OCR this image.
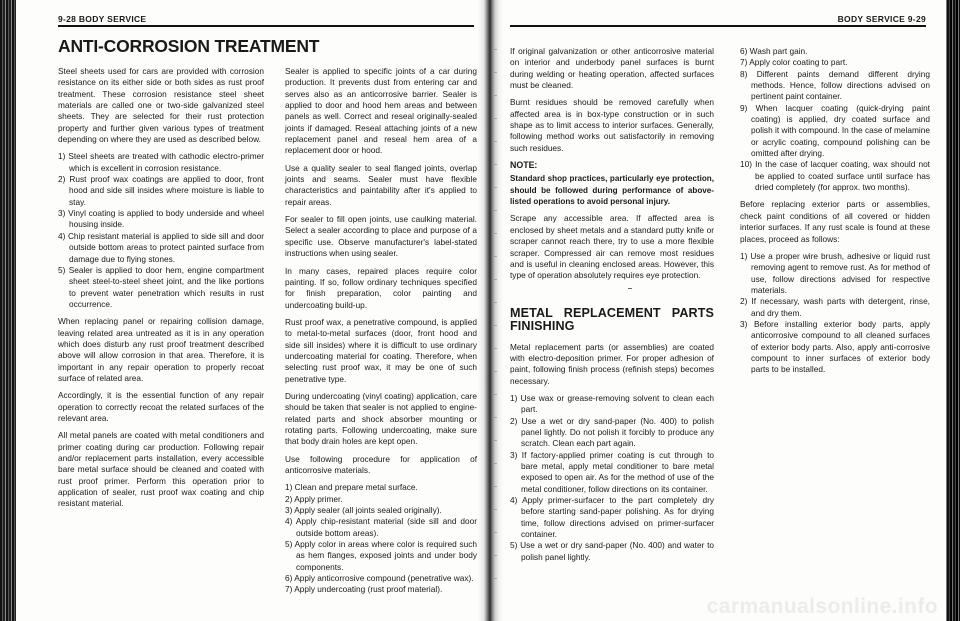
9-28 BODY SERVICE
ANTI-CORROSION TREATMENT

Steel sheets used for cars are provided with corrosion resistance on its either side or both sides as rust proof treatment. These corrosion resistance steel sheet materials are called one or two-side galvanized steel sheets. They are selected for their rust protection property and further given various types of treatment depending on where they are used as described below.

1) Steel sheets are treated with cathodic electro-primer which is excellent in corrosion resistance.
2) Rust proof wax coatings are applied to door, front hood and side sill insides where moisture is liable to stay.
3) Vinyl coating is applied to body underside and wheel housing inside.
4) Chip resistant material is applied to side sill and door outside bottom areas to protect painted surface from damage due to flying stones.
5) Sealer is applied to door hem, engine compartment sheet steel-to-steel sheet joint, and the like portions to prevent water penetration which results in rust occurrence.

When replacing panel or repairing collision damage, leaving related area untreated as it is in any operation which does disturb any rust proof treatment described above will allow corrosion in that area. Therefore, it is important in any repair operation to properly recoat surface of related area.

Accordingly, it is the essential function of any repair operation to correctly recoat the related surfaces of the relevant area.

All metal panels are coated with metal conditioners and primer coating during car production. Following repair and/or replacement parts installation, every accessible bare metal surface should be cleaned and coated with rust proof primer. Perform this operation prior to application of sealer, rust proof wax coating and chip resistant material.

Sealer is applied to specific joints of a car during production. It prevents dust from entering car and serves also as an anticorrosive barrier. Sealer is applied to door and hood hem areas and between panels as well. Correct and reseal originally-sealed joints if damaged. Reseal attaching joints of a new replacement panel and reseal hem area of a replacement door or hood.

Use a quality sealer to seal flanged joints, overlap joints and seams. Sealer must have flexible characteristics and paintability after it's applied to repair areas.

For sealer to fill open joints, use caulking material. Select a sealer according to place and purpose of a specific use. Observe manufacturer's label-stated instructions when using sealer.

In many cases, repaired places require color painting. If so, follow ordinary techniques specified for finish preparation, color painting and undercoating build-up.

Rust proof wax, a penetrative compound, is applied to metal-to-metal surfaces (door, front hood and side sill insides) where it is difficult to use ordinary undercoating material for coating. Therefore, when selecting rust proof wax, it may be one of such penetrative type.

During undercoating (vinyl coating) application, care should be taken that sealer is not applied to engine-related parts and shock absorber mounting or rotating parts. Following undercoating, make sure that body drain holes are kept open.

Use following procedure for application of anticorrosive materials.

1) Clean and prepare metal surface.
2) Apply primer.
3) Apply sealer (all joints sealed originally).
4) Apply chip-resistant material (side sill and door outside bottom areas).
5) Apply color in areas where color is required such as hem flanges, exposed joints and under body components.
6) Apply anticorrosive compound (penetrative wax).
7) Apply undercoating (rust proof material).
BODY SERVICE 9-29

If original galvanization or other anticorrosive material on interior and underbody panel surfaces is burnt during welding or heating operation, affected surfaces must be cleaned.

Burnt residues should be removed carefully when affected area is in box-type construction or in such shape as to limit access to interior surfaces. Generally, following method works out satisfactorily in removing such residues.

NOTE:

Standard shop practices, particularly eye protection, should be followed during performance of above-listed operations to avoid personal injury.

Scrape any accessible area. If affected area is enclosed by sheet metals and a standard putty knife or scraper cannot reach there, try to use a more flexible scraper. Compressed air can remove most residues and is useful in cleaning enclosed areas. However, this type of operation absolutely requires eye protection.

METAL REPLACEMENT PARTS FINISHING

Metal replacement parts (or assemblies) are coated with electro-deposition primer. For proper adhesion of paint, following finish process (refinish steps) becomes necessary.

1) Use wax or grease-removing solvent to clean each part.
2) Use a wet or dry sand-paper (No. 400) to polish panel lightly. Do not polish it forcibly to produce any scratch. Clean each part again.
3) If factory-applied primer coating is cut through to bare metal, apply metal conditioner to bare metal exposed to open air. As for the method of use of the metal conditioner, follow directions on its container.
4) Apply primer-surfacer to the part completely dry before starting sand-paper polishing. As for drying time, follow directions advised on primer-surfacer container.
5) Use a wet or dry sand-paper (No. 400) and water to polish panel lightly.
6) Wash part gain.
7) Apply color coating to part.
8) Different paints demand different drying methods. Hence, follow directions advised on pertinent paint container.
9) When lacquer coating (quick-drying paint coating) is applied, dry coated surface and polish it with compound. In the case of melamine or acrylic coating, compound polishing can be omitted after drying.
10) In the case of lacquer coating, wax should not be applied to coated surface until surface has dried completely (for approx. two months).

Before replacing exterior parts or assemblies, check paint conditions of all covered or hidden interior surfaces. If any rust scale is found at these places, proceed as follows:

1) Use a proper wire brush, adhesive or liquid rust removing agent to remove rust. As for method of use, follow directions advised for respective materials.
2) If necessary, wash parts with detergent, rinse, and dry them.
3) Before installing exterior body parts, apply anticorrosive compound to all cleaned surfaces of exterior body parts. Also, apply anti-corrosive compount to inner surfaces of exterior body parts to be installed.
carmanualsonline.info
